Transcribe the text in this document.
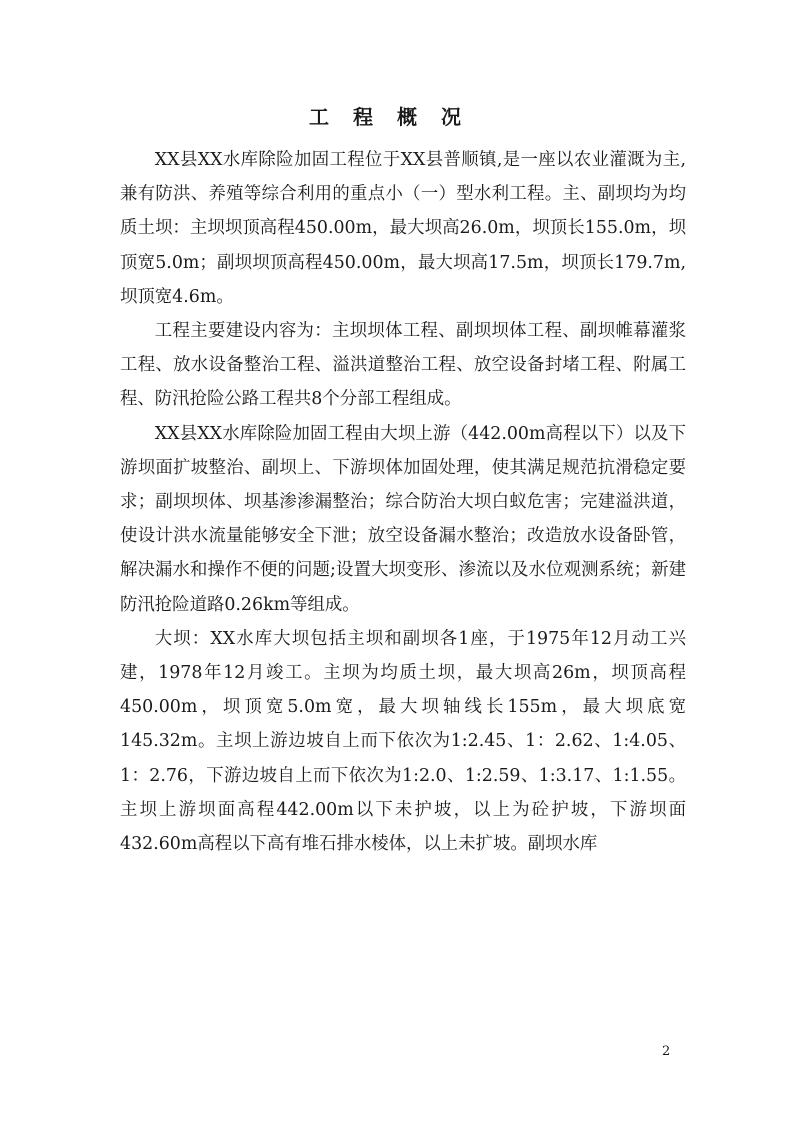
工程概况

XX县XX水库除险加固工程位于XX县普顺镇,是一座以农业灌溉为主,兼有防洪、养殖等综合利用的重点小（一）型水利工程。主、副坝均为均质土坝：主坝坝顶高程450.00m，最大坝高26.0m，坝顶长155.0m，坝顶宽5.0m；副坝坝顶高程450.00m，最大坝高17.5m，坝顶长179.7m,坝顶宽4.6m。

工程主要建设内容为：主坝坝体工程、副坝坝体工程、副坝帷幕灌浆工程、放水设备整治工程、溢洪道整治工程、放空设备封堵工程、附属工程、防汛抢险公路工程共8个分部工程组成。

XX县XX水库除险加固工程由大坝上游（442.00m高程以下）以及下游坝面扩坡整治、副坝上、下游坝体加固处理，使其满足规范抗滑稳定要求；副坝坝体、坝基渗渗漏整治；综合防治大坝白蚁危害；完建溢洪道，使设计洪水流量能够安全下泄；放空设备漏水整治；改造放水设备卧管，解决漏水和操作不便的问题;设置大坝变形、渗流以及水位观测系统；新建防汛抢险道路0.26km等组成。

大坝：XX水库大坝包括主坝和副坝各1座，于1975年12月动工兴建，1978年12月竣工。主坝为均质土坝，最大坝高26m，坝顶高程450.00m，坝顶宽5.0m宽，最大坝轴线长155m，最大坝底宽145.32m。主坝上游边坡自上而下依次为1:2.45、1：2.62、1:4.05、1：2.76，下游边坡自上而下依次为1:2.0、1:2.59、1:3.17、1:1.55。主坝上游坝面高程442.00m以下未护坡，以上为砼护坡，下游坝面432.60m高程以下高有堆石排水棱体，以上未扩坡。副坝水库

2
